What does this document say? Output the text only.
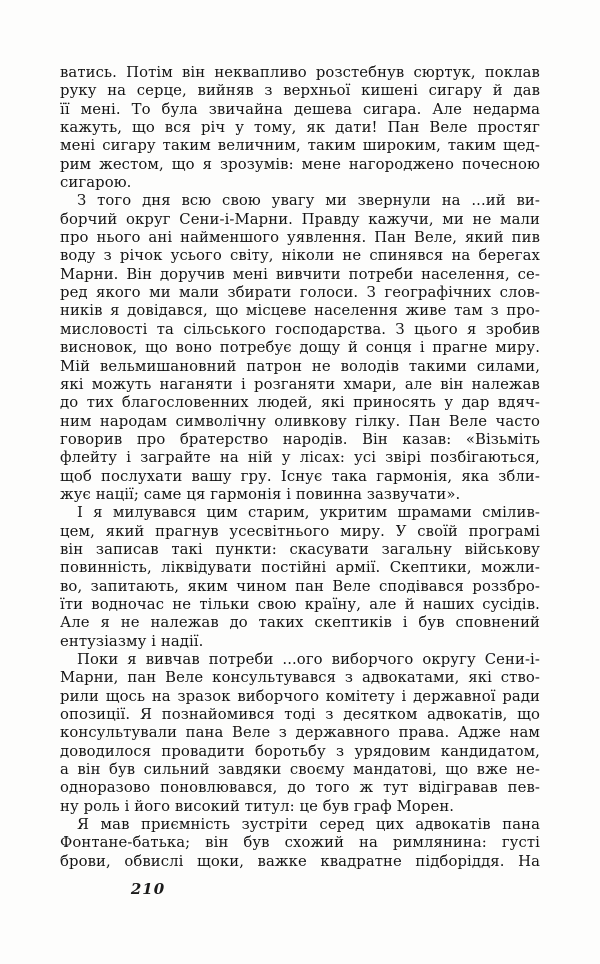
ватись. Потім він неквапливо розстебнув сюртук, поклав
руку на серце, вийняв з верхньої кишені сигару й дав
її мені. То була звичайна дешева сигара. Але недарма
кажуть, що вся річ у тому, як дати! Пан Веле простяг
мені сигару таким величним, таким широким, таким щед-
рим жестом, що я зрозумів: мене нагороджено почесною
сигарою.
З того дня всю свою увагу ми звернули на ...ий ви-
борчий округ Сени-і-Марни. Правду кажучи, ми не мали
про нього ані найменшого уявлення. Пан Веле, який пив
воду з річок усього світу, ніколи не спинявся на берегах
Марни. Він доручив мені вивчити потреби населення, се-
ред якого ми мали збирати голоси. З географічних слов-
ників я довідався, що місцеве населення живе там з про-
мисловості та сільського господарства. З цього я зробив
висновок, що воно потребує дощу й сонця і прагне миру.
Мій вельмишановний патрон не володів такими силами,
які можуть наганяти і розганяти хмари, але він належав
до тих благословенних людей, які приносять у дар вдяч-
ним народам символічну оливкову гілку. Пан Веле часто
говорив про братерство народів. Він казав: «Візьміть
флейту і заграйте на ній у лісах: усі звірі позбігаються,
щоб послухати вашу гру. Існує така гармонія, яка збли-
жує нації; саме ця гармонія і повинна зазвучати».
І я милувався цим старим, укритим шрамами смілив-
цем, який прагнув усесвітнього миру. У своїй програмі
він записав такі пункти: скасувати загальну військову
повинність, ліквідувати постійні армії. Скептики, можли-
во, запитають, яким чином пан Веле сподівався роззбро-
їти водночас не тільки свою країну, але й наших сусідів.
Але я не належав до таких скептиків і був сповнений
ентузіазму і надії.
Поки я вивчав потреби ...ого виборчого округу Сени-і-
Марни, пан Веле консультувався з адвокатами, які ство-
рили щось на зразок виборчого комітету і державної ради
опозиції. Я познайомився тоді з десятком адвокатів, що
консультували пана Веле з державного права. Адже нам
доводилося провадити боротьбу з урядовим кандидатом,
а він був сильний завдяки своєму мандатові, що вже не-
одноразово поновлювався, до того ж тут відігравав пев-
ну роль і його високий титул: це був граф Морен.
Я мав приємність зустріти серед цих адвокатів пана
Фонтане-батька; він був схожий на римлянина: густі
брови, обвислі щоки, важке квадратне підборіддя. На
210
